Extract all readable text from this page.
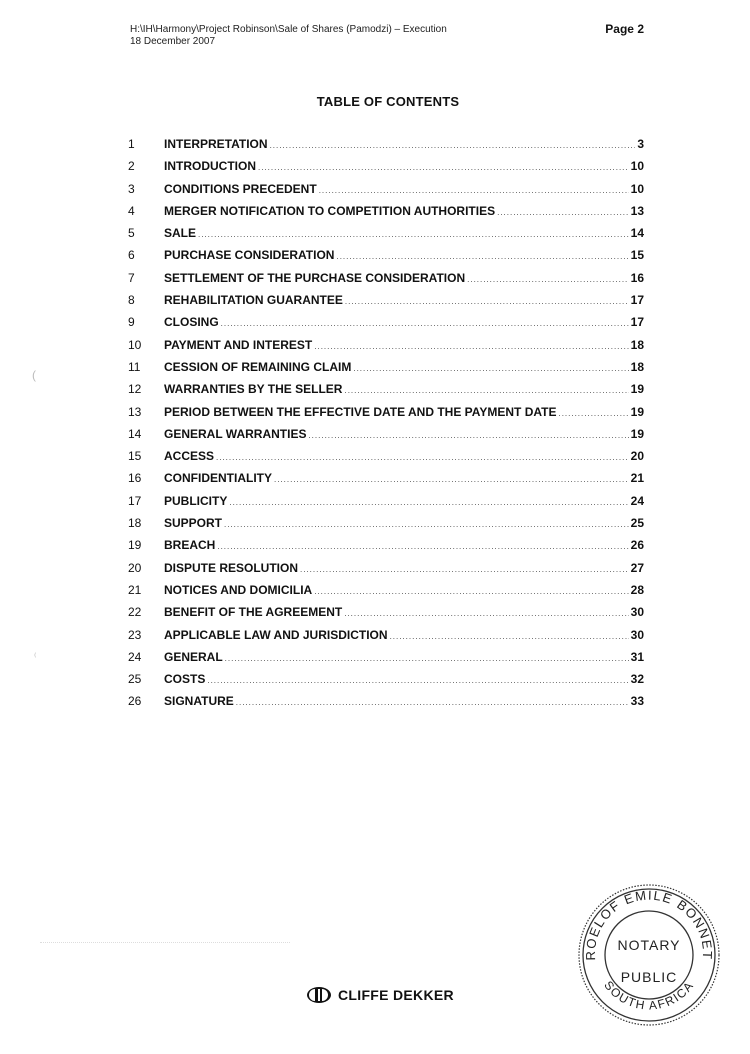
H:\IH\Harmony\Project Robinson\Sale of Shares (Pamodzi) – Execution
18 December 2007
Page 2
TABLE OF CONTENTS
1	INTERPRETATION .....	3
2	INTRODUCTION .....	10
3	CONDITIONS PRECEDENT .....	10
4	MERGER NOTIFICATION TO COMPETITION AUTHORITIES .....	13
5	SALE .....	14
6	PURCHASE CONSIDERATION .....	15
7	SETTLEMENT OF THE PURCHASE CONSIDERATION .....	16
8	REHABILITATION GUARANTEE .....	17
9	CLOSING .....	17
10	PAYMENT AND INTEREST .....	18
11	CESSION OF REMAINING CLAIM .....	18
12	WARRANTIES BY THE SELLER .....	19
13	PERIOD BETWEEN THE EFFECTIVE DATE AND THE PAYMENT DATE .....	19
14	GENERAL WARRANTIES .....	19
15	ACCESS .....	20
16	CONFIDENTIALITY .....	21
17	PUBLICITY .....	24
18	SUPPORT .....	25
19	BREACH .....	26
20	DISPUTE RESOLUTION .....	27
21	NOTICES AND DOMICILIA .....	28
22	BENEFIT OF THE AGREEMENT .....	30
23	APPLICABLE LAW AND JURISDICTION .....	30
24	GENERAL .....	31
25	COSTS .....	32
26	SIGNATURE .....	33
(
⁽
CLIFFE DEKKER
ROELOF EMILE BONNET
SOUTH AFRICA
NOTARY
PUBLIC
